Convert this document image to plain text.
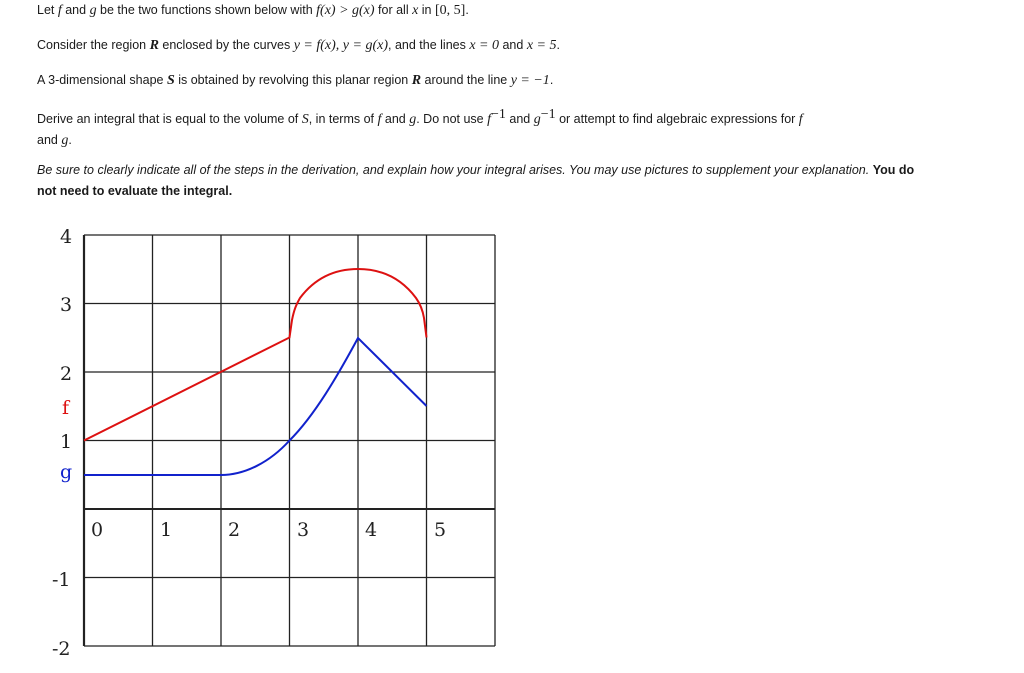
Let f and g be the two functions shown below with f(x) > g(x) for all x in [0, 5].

Consider the region R enclosed by the curves y = f(x), y = g(x), and the lines x = 0 and x = 5.

A 3-dimensional shape S is obtained by revolving this planar region R around the line y = −1.

Derive an integral that is equal to the volume of S, in terms of f and g. Do not use $f^{-1}$ and $g^{-1}$ or attempt to find algebraic expressions for f
and g.

Be sure to clearly indicate all of the steps in the derivation, and explain how your integral arises. You may use pictures to supplement your explanation. You do not need to evaluate the integral.

4
3
2
1
-1
-2
f
g
0	1	2	3	4	5
